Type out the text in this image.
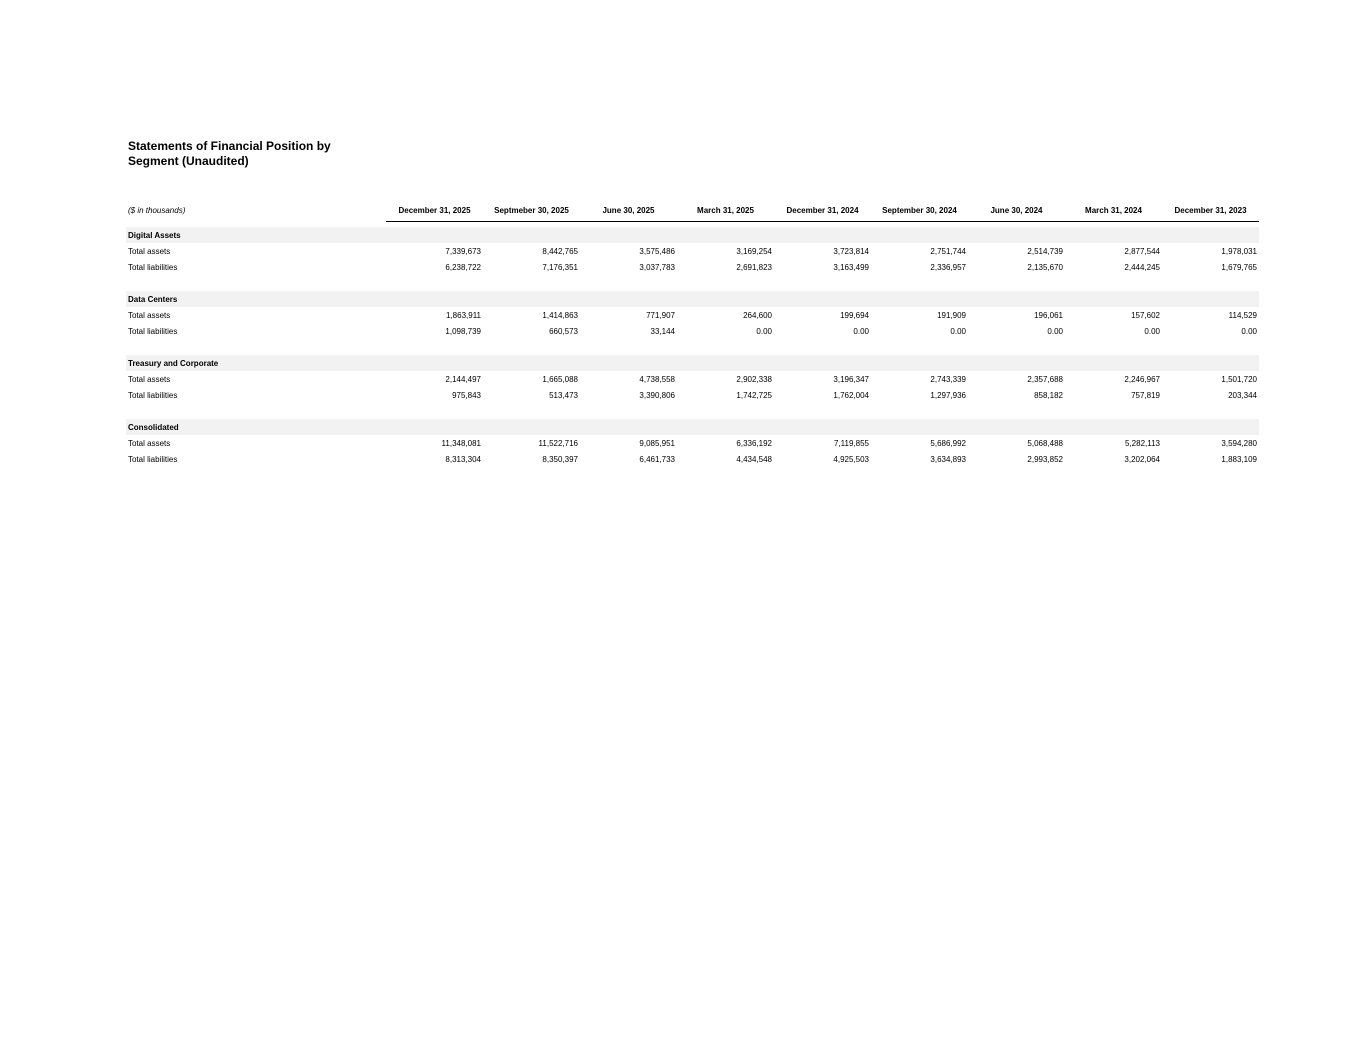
Statements of Financial Position by Segment (Unaudited)
($ in thousands)	December 31, 2025	Septmeber 30, 2025	June 30, 2025	March 31, 2025	December 31, 2024	September 30, 2024	June 30, 2024	March 31, 2024	December 31, 2023

Digital Assets									
Total assets	7,339,673	8,442,765	3,575,486	3,169,254	3,723,814	2,751,744	2,514,739	2,877,544	1,978,031
Total liabilities	6,238,722	7,176,351	3,037,783	2,691,823	3,163,499	2,336,957	2,135,670	2,444,245	1,679,765

Data Centers									
Total assets	1,863,911	1,414,863	771,907	264,600	199,694	191,909	196,061	157,602	114,529
Total liabilities	1,098,739	660,573	33,144	0.00	0.00	0.00	0.00	0.00	0.00

Treasury and Corporate									
Total assets	2,144,497	1,665,088	4,738,558	2,902,338	3,196,347	2,743,339	2,357,688	2,246,967	1,501,720
Total liabilities	975,843	513,473	3,390,806	1,742,725	1,762,004	1,297,936	858,182	757,819	203,344

Consolidated									
Total assets	11,348,081	11,522,716	9,085,951	6,336,192	7,119,855	5,686,992	5,068,488	5,282,113	3,594,280
Total liabilities	8,313,304	8,350,397	6,461,733	4,434,548	4,925,503	3,634,893	2,993,852	3,202,064	1,883,109
